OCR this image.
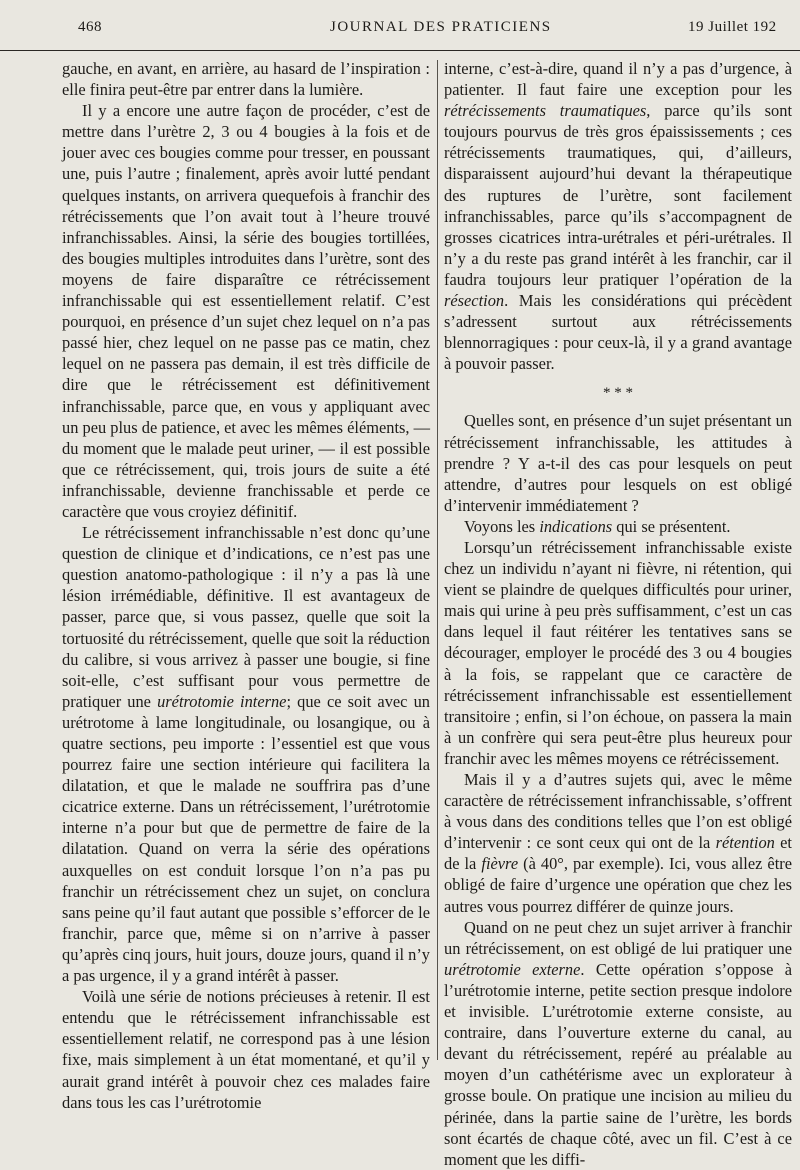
468	JOURNAL DES PRATICIENS	19 Juillet 192

gauche, en avant, en arrière, au hasard de l’inspiration : elle finira peut-être par entrer dans la lumière.

Il y a encore une autre façon de procéder, c’est de mettre dans l’urètre 2, 3 ou 4 bougies à la fois et de jouer avec ces bougies comme pour tresser, en poussant une, puis l’autre ; finalement, après avoir lutté pendant quelques instants, on arrivera quequefois à franchir des rétrécissements que l’on avait tout à l’heure trouvé infranchissables. Ainsi, la série des bougies tortillées, des bougies multiples introduites dans l’urètre, sont des moyens de faire disparaître ce rétrécissement infranchissable qui est essentiellement relatif. C’est pourquoi, en présence d’un sujet chez lequel on n’a pas passé hier, chez lequel on ne passe pas ce matin, chez lequel on ne passera pas demain, il est très difficile de dire que le rétrécissement est définitivement infranchissable, parce que, en vous y appliquant avec un peu plus de patience, et avec les mêmes éléments, — du moment que le malade peut uriner, — il est possible que ce rétrécissement, qui, trois jours de suite a été infranchissable, devienne franchissable et perde ce caractère que vous croyiez définitif.

Le rétrécissement infranchissable n’est donc qu’une question de clinique et d’indications, ce n’est pas une question anatomo-pathologique : il n’y a pas là une lésion irrémédiable, définitive. Il est avantageux de passer, parce que, si vous passez, quelle que soit la tortuosité du rétrécissement, quelle que soit la réduction du calibre, si vous arrivez à passer une bougie, si fine soit-elle, c’est suffisant pour vous permettre de pratiquer une urétrotomie interne; que ce soit avec un urétrotome à lame longitudinale, ou losangique, ou à quatre sections, peu importe : l’essentiel est que vous pourrez faire une section intérieure qui facilitera la dilatation, et que le malade ne souffrira pas d’une cicatrice externe. Dans un rétrécissement, l’urétrotomie interne n’a pour but que de permettre de faire de la dilatation. Quand on verra la série des opérations auxquelles on est conduit lorsque l’on n’a pas pu franchir un rétrécissement chez un sujet, on conclura sans peine qu’il faut autant que possible s’efforcer de le franchir, parce que, même si on n’arrive à passer qu’après cinq jours, huit jours, douze jours, quand il n’y a pas urgence, il y a grand intérêt à passer.

Voilà une série de notions précieuses à retenir. Il est entendu que le rétrécissement infranchissable est essentiellement relatif, ne correspond pas à une lésion fixe, mais simplement à un état momentané, et qu’il y aurait grand intérêt à pouvoir chez ces malades faire dans tous les cas l’urétrotomie

interne, c’est-à-dire, quand il n’y a pas d’urgence, à patienter. Il faut faire une exception pour les rétrécissements traumatiques, parce qu’ils sont toujours pourvus de très gros épaississements ; ces rétrécissements traumatiques, qui, d’ailleurs, disparaissent aujourd’hui devant la thérapeutique des ruptures de l’urètre, sont facilement infranchissables, parce qu’ils s’accompagnent de grosses cicatrices intra-urétrales et péri-urétrales. Il n’y a du reste pas grand intérêt à les franchir, car il faudra toujours leur pratiquer l’opération de la résection. Mais les considérations qui précèdent s’adressent surtout aux rétrécissements blennorragiques : pour ceux-là, il y a grand avantage à pouvoir passer.

* * *

Quelles sont, en présence d’un sujet présentant un rétrécissement infranchissable, les attitudes à prendre ? Y a-t-il des cas pour lesquels on peut attendre, d’autres pour lesquels on est obligé d’intervenir immédiatement ?

Voyons les indications qui se présentent.

Lorsqu’un rétrécissement infranchissable existe chez un individu n’ayant ni fièvre, ni rétention, qui vient se plaindre de quelques difficultés pour uriner, mais qui urine à peu près suffisamment, c’est un cas dans lequel il faut réitérer les tentatives sans se décourager, employer le procédé des 3 ou 4 bougies à la fois, se rappelant que ce caractère de rétrécissement infranchissable est essentiellement transitoire ; enfin, si l’on échoue, on passera la main à un confrère qui sera peut-être plus heureux pour franchir avec les mêmes moyens ce rétrécissement.

Mais il y a d’autres sujets qui, avec le même caractère de rétrécissement infranchissable, s’offrent à vous dans des conditions telles que l’on est obligé d’intervenir : ce sont ceux qui ont de la rétention et de la fièvre (à 40°, par exemple). Ici, vous allez être obligé de faire d’urgence une opération que chez les autres vous pourrez différer de quinze jours.

Quand on ne peut chez un sujet arriver à franchir un rétrécissement, on est obligé de lui pratiquer une urétrotomie externe. Cette opération s’oppose à l’urétrotomie interne, petite section presque indolore et invisible. L’urétrotomie externe consiste, au contraire, dans l’ouverture externe du canal, au devant du rétrécissement, repéré au préalable au moyen d’un cathétérisme avec un explorateur à grosse boule. On pratique une incision au milieu du périnée, dans la partie saine de l’urètre, les bords sont écartés de chaque côté, avec un fil. C’est à ce moment que les diffi-
